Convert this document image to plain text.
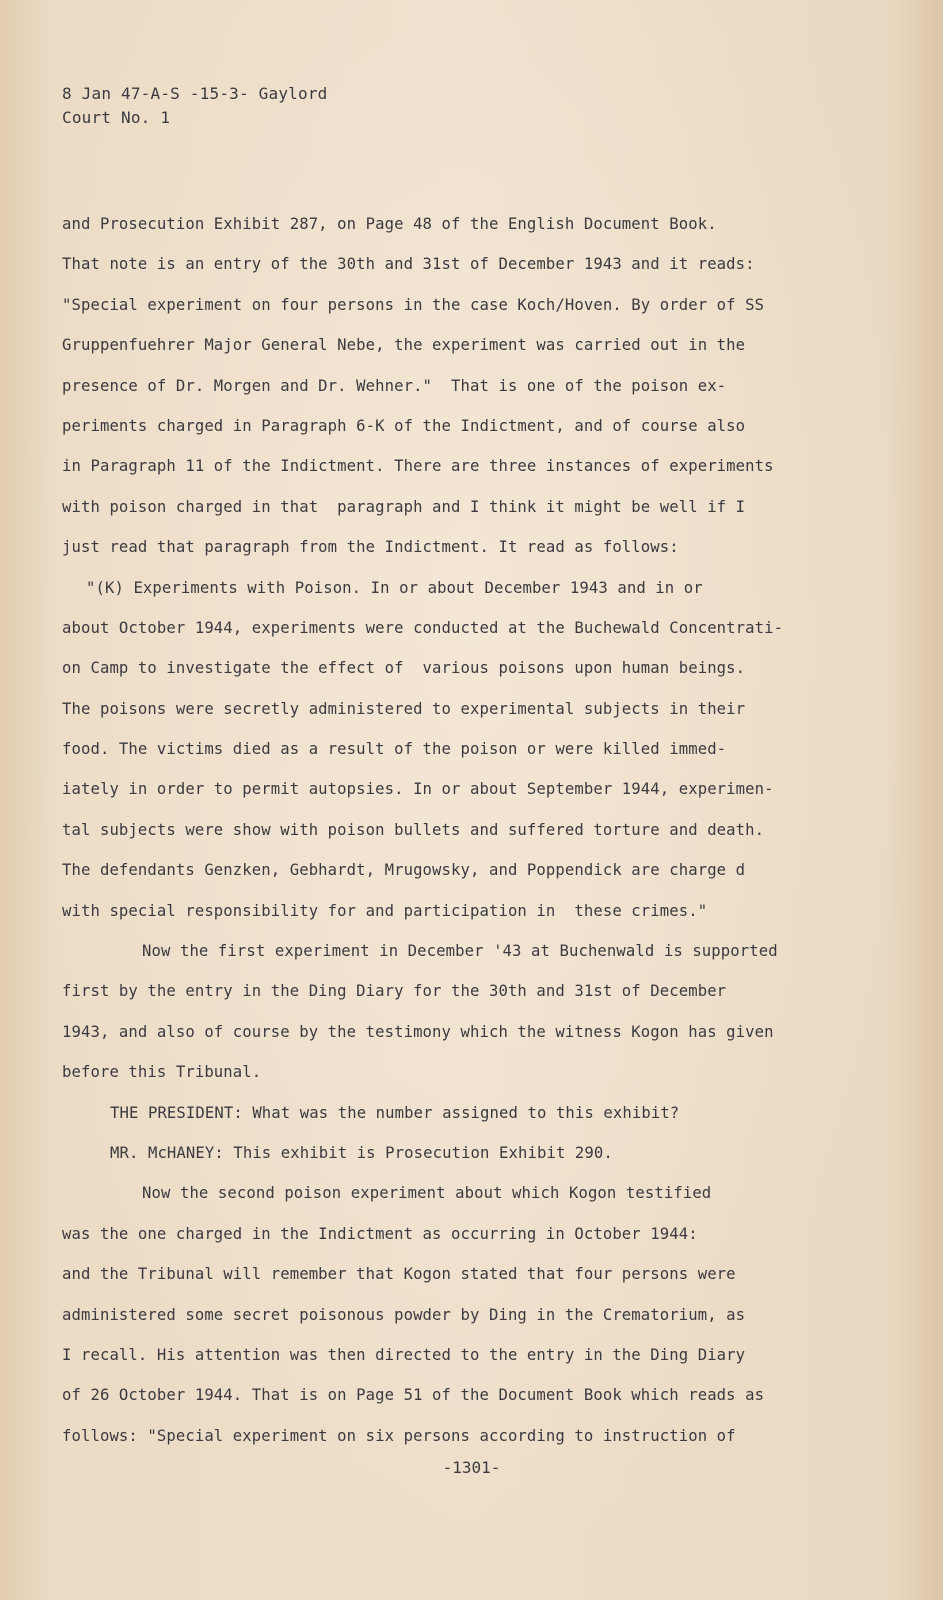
8 Jan 47-A-S -15-3- Gaylord
Court No. 1
and Prosecution Exhibit 287, on Page 48 of the English Document Book.
That note is an entry of the 30th and 31st of December 1943 and it reads:
"Special experiment on four persons in the case Koch/Hoven. By order of SS
Gruppenfuehrer Major General Nebe, the experiment was carried out in the
presence of Dr. Morgen and Dr. Wehner."  That is one of the poison ex-
periments charged in Paragraph 6-K of the Indictment, and of course also
in Paragraph 11 of the Indictment. There are three instances of experiments
with poison charged in that  paragraph and I think it might be well if I
just read that paragraph from the Indictment. It read as follows:
"(K) Experiments with Poison. In or about December 1943 and in or
about October 1944, experiments were conducted at the Buchewald Concentrati-
on Camp to investigate the effect of  various poisons upon human beings.
The poisons were secretly administered to experimental subjects in their
food. The victims died as a result of the poison or were killed immed-
iately in order to permit autopsies. In or about September 1944, experimen-
tal subjects were show with poison bullets and suffered torture and death.
The defendants Genzken, Gebhardt, Mrugowsky, and Poppendick are charge d
with special responsibility for and participation in  these crimes."
Now the first experiment in December '43 at Buchenwald is supported
first by the entry in the Ding Diary for the 30th and 31st of December
1943, and also of course by the testimony which the witness Kogon has given
before this Tribunal.
THE PRESIDENT: What was the number assigned to this exhibit?
MR. McHANEY: This exhibit is Prosecution Exhibit 290.
Now the second poison experiment about which Kogon testified
was the one charged in the Indictment as occurring in October 1944:
and the Tribunal will remember that Kogon stated that four persons were
administered some secret poisonous powder by Ding in the Crematorium, as
I recall. His attention was then directed to the entry in the Ding Diary
of 26 October 1944. That is on Page 51 of the Document Book which reads as
follows: "Special experiment on six persons according to instruction of
-1301-
